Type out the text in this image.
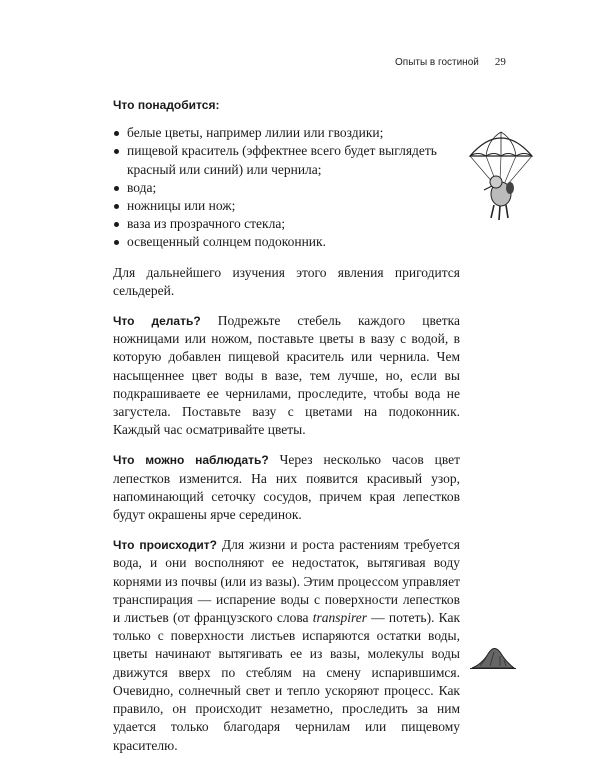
Опыты в гостиной 29
Что понадобится:
белые цветы, например лилии или гвоздики;
пищевой краситель (эффектнее всего будет выглядеть красный или синий) или чернила;
вода;
ножницы или нож;
ваза из прозрачного стекла;
освещенный солнцем подоконник.

Для дальнейшего изучения этого явления пригодится сельдерей.

Что делать? Подрежьте стебель каждого цветка ножницами или ножом, поставьте цветы в вазу с водой, в которую добавлен пищевой краситель или чернила. Чем насыщеннее цвет воды в вазе, тем лучше, но, если вы подкрашиваете ее чернилами, проследите, чтобы вода не загустела. Поставьте вазу с цветами на подоконник. Каждый час осматривайте цветы.

Что можно наблюдать? Через несколько часов цвет лепестков изменится. На них появится красивый узор, напоминающий сеточку сосудов, причем края лепестков будут окрашены ярче серединок.

Что происходит? Для жизни и роста растениям требуется вода, и они восполняют ее недостаток, вытягивая воду корнями из почвы (или из вазы). Этим процессом управляет транспирация — испарение воды с поверхности лепестков и листьев (от французского слова transpirer — потеть). Как только с поверхности листьев испаряются остатки воды, цветы начинают вытягивать ее из вазы, молекулы воды движутся вверх по стеблям на смену испарившимся. Очевидно, солнечный свет и тепло ускоряют процесс. Как правило, он происходит незаметно, проследить за ним удается только благодаря чернилам или пищевому красителю.
